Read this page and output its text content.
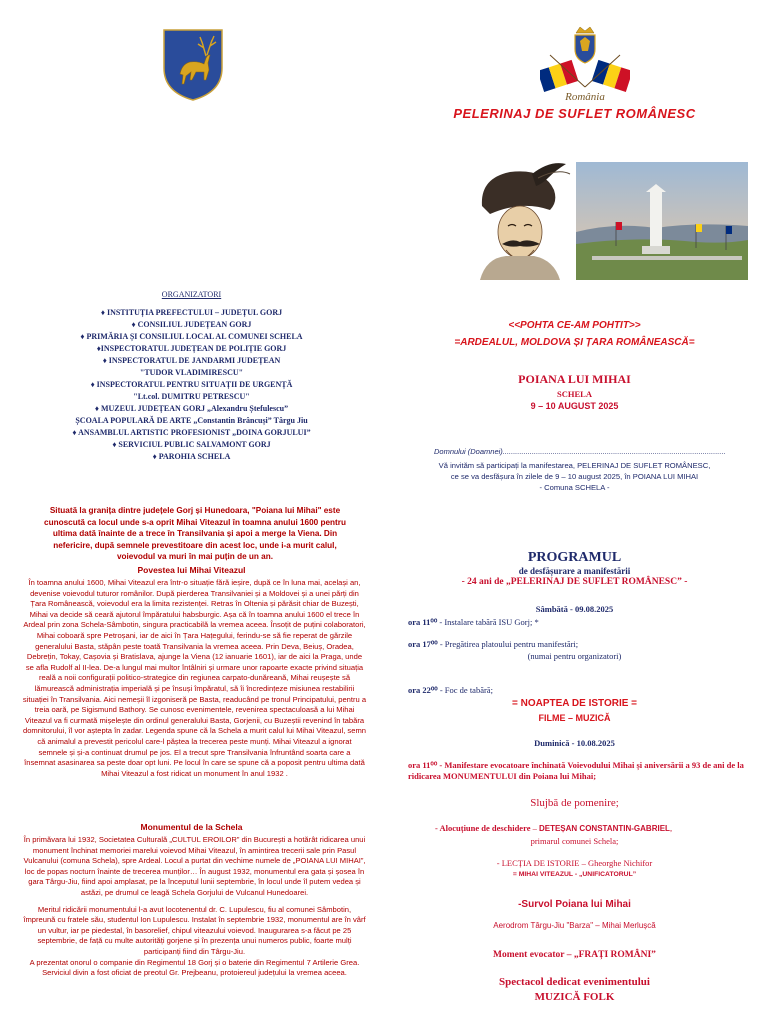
ORGANIZATORI
♦ INSTITUȚIA PREFECTULUI – JUDEȚUL GORJ
♦ CONSILIUL JUDEȚEAN GORJ
♦ PRIMĂRIA ȘI CONSILIUL LOCAL AL COMUNEI SCHELA
♦INSPECTORATUL JUDEȚEAN DE POLIȚIE GORJ
♦ INSPECTORATUL DE JANDARMI JUDEȚEAN
"TUDOR VLADIMIRESCU"
♦ INSPECTORATUL PENTRU SITUAȚII DE URGENȚĂ
"Lt.col. DUMITRU PETRESCU"
♦ MUZEUL JUDEȚEAN GORJ „Alexandru Ștefulescu”
ȘCOALA POPULARĂ DE ARTE „Constantin Brâncuși” Târgu Jiu
♦ ANSAMBLUL ARTISTIC PROFESIONIST „DOINA GORJULUI”
♦ SERVICIUL PUBLIC SALVAMONT GORJ
♦ PAROHIA SCHELA
Situată la granița dintre județele Gorj și Hunedoara, "Poiana lui Mihai" este cunoscută ca locul unde s-a oprit Mihai Viteazul în toamna anului 1600 pentru ultima dată înainte de a trece în Transilvania și apoi a merge la Viena. Din nefericire, după semnele prevestitoare din acest loc, unde i-a murit calul, voievodul va muri în mai puțin de un an.
Povestea lui Mihai Viteazul
În toamna anului 1600, Mihai Viteazul era într-o situație fără ieșire, după ce în luna mai, același an, devenise voievodul tuturor românilor. După pierderea Transilvaniei și a Moldovei și a unei părți din Țara Românească, voievodul era la limita rezistenței. Retras în Oltenia și părăsit chiar de Buzești, Mihai va decide să ceară ajutorul împăratului habsburgic. Așa că în toamna anului 1600 el trece în Ardeal prin zona Schela-Sâmbotin, singura practicabilă la vremea aceea. Însoțit de puțini colaboratori, Mihai coboară spre Petroșani, iar de aici în Țara Hațegului, ferindu-se să fie reperat de gărzile generalului Basta, stăpân peste toată Transilvania la vremea aceea. Prin Deva, Beiuș, Oradea, Debrețin, Tokay, Cașovia și Bratislava, ajunge la Viena (12 ianuarie 1601), iar de aici la Praga, unde se afla Rudolf al II-lea. De-a lungul mai multor întâlniri și urmare unor rapoarte exacte privind situația reală a noii configurații politico-strategice din regiunea carpato-dunăreană, Mihai reușește să lămurească administrația imperială și pe însuși împăratul, să îi încredințeze misiunea restabilirii situației în Transilvania. Aici nemeșii îl izgoniseră pe Basta, readucând pe tronul Principatului, pentru a treia oară, pe Sigismund Bathory. Se cunosc evenimentele, revenirea spectaculoasă a lui Mihai Viteazul va fi curmată mișelește din ordinul generalului Basta, Gorjenii, cu Buzeștii revenind în tabăra domnitorului, îl vor aștepta în zadar. Legenda spune că la Schela a murit calul lui Mihai Viteazul, semn că animalul a prevestit pericolul care-l păștea la trecerea peste munți. Mihai Viteazul a ignorat semnele și și-a continuat drumul pe jos. El a trecut spre Transilvania înfruntând soarta care a însemnat asasinarea sa peste doar opt luni. Pe locul în care se spune că a poposit pentru ultima dată Mihai Viteazul a fost ridicat un monument în anul 1932 .
Monumentul de la Schela
În primăvara lui 1932, Societatea Culturală „CULTUL EROILOR” din București a hotărât ridicarea unui monument închinat memoriei marelui voievod Mihai Viteazul, în amintirea trecerii sale prin Pasul Vulcanului (comuna Schela), spre Ardeal. Locul a purtat din vechime numele de „POIANA LUI MIHAI”, loc de popas nocturn înainte de trecerea munților… În august 1932, monumentul era gata și șosea în gara Târgu-Jiu, fiind apoi amplasat, pe la începutul lunii septembrie, în locul unde îl putem vedea și astăzi, pe drumul ce leagă Schela Gorjului de Vulcanul Hunedoarei.
Meritul ridicării monumentului l-a avut locotenentul dr. C. Lupulescu, fiu al comunei Sâmbotin, împreună cu fratele său, studentul Ion Lupulescu. Instalat în septembrie 1932, monumentul are în vârf un vultur, iar pe piedestal, în basorelief, chipul viteazului voievod. Inaugurarea s-a făcut pe 25 septembrie, de față cu multe autorități gorjene și în prezența unui numeros public, foarte mulți participanți fiind din Târgu-Jiu.
A prezentat onorul o companie din Regimentul 18 Gorj și o baterie din Regimentul 7 Artilerie Grea. Serviciul divin a fost oficiat de preotul Gr. Prejbeanu, protoiereul județului la vremea aceea.
România
PELERINAJ DE SUFLET ROMÂNESC
<<POHTA CE-AM POHTIT>>
=ARDEALUL, MOLDOVA ȘI ȚARA ROMÂNEASCĂ=
POIANA LUI MIHAI
SCHELA
9 – 10 AUGUST 2025
Domnului (Doamnei)...........................................................................................................
Vă invităm să participați la manifestarea, PELERINAJ DE SUFLET ROMÂNESC,
ce se va desfășura în zilele de 9 – 10 august 2025, în POIANA LUI MIHAI
- Comuna SCHELA -
PROGRAMUL
de desfășurare a manifestării
- 24 ani de „PELERINAJ DE SUFLET ROMÂNESC” -
Sâmbătă - 09.08.2025
ora 11⁰⁰ - Instalare tabără ISU Gorj; *
ora 17⁰⁰ - Pregătirea platoului pentru manifestări;
(numai pentru organizatori)
ora 22⁰⁰ - Foc de tabără;
= NOAPTEA DE ISTORIE =
FILME – MUZICĂ
Duminică - 10.08.2025
ora 11⁰⁰ - Manifestare evocatoare închinată Voievodului Mihai și aniversării a 93 de ani de la ridicarea MONUMENTULUI din Poiana lui Mihai;
Slujbă de pomenire;
- Alocuțiune de deschidere – DETEȘAN CONSTANTIN-GABRIEL,
primarul comunei Schela;
- LECȚIA DE ISTORIE – Gheorghe Nichifor
= MIHAI VITEAZUL - „UNIFICATORUL”
-Survol Poiana lui Mihai
Aerodrom Târgu-Jiu "Barza" – Mihai Merlușcă
Moment evocator – „FRAȚI ROMÂNI”
Spectacol dedicat evenimentului
MUZICĂ FOLK
